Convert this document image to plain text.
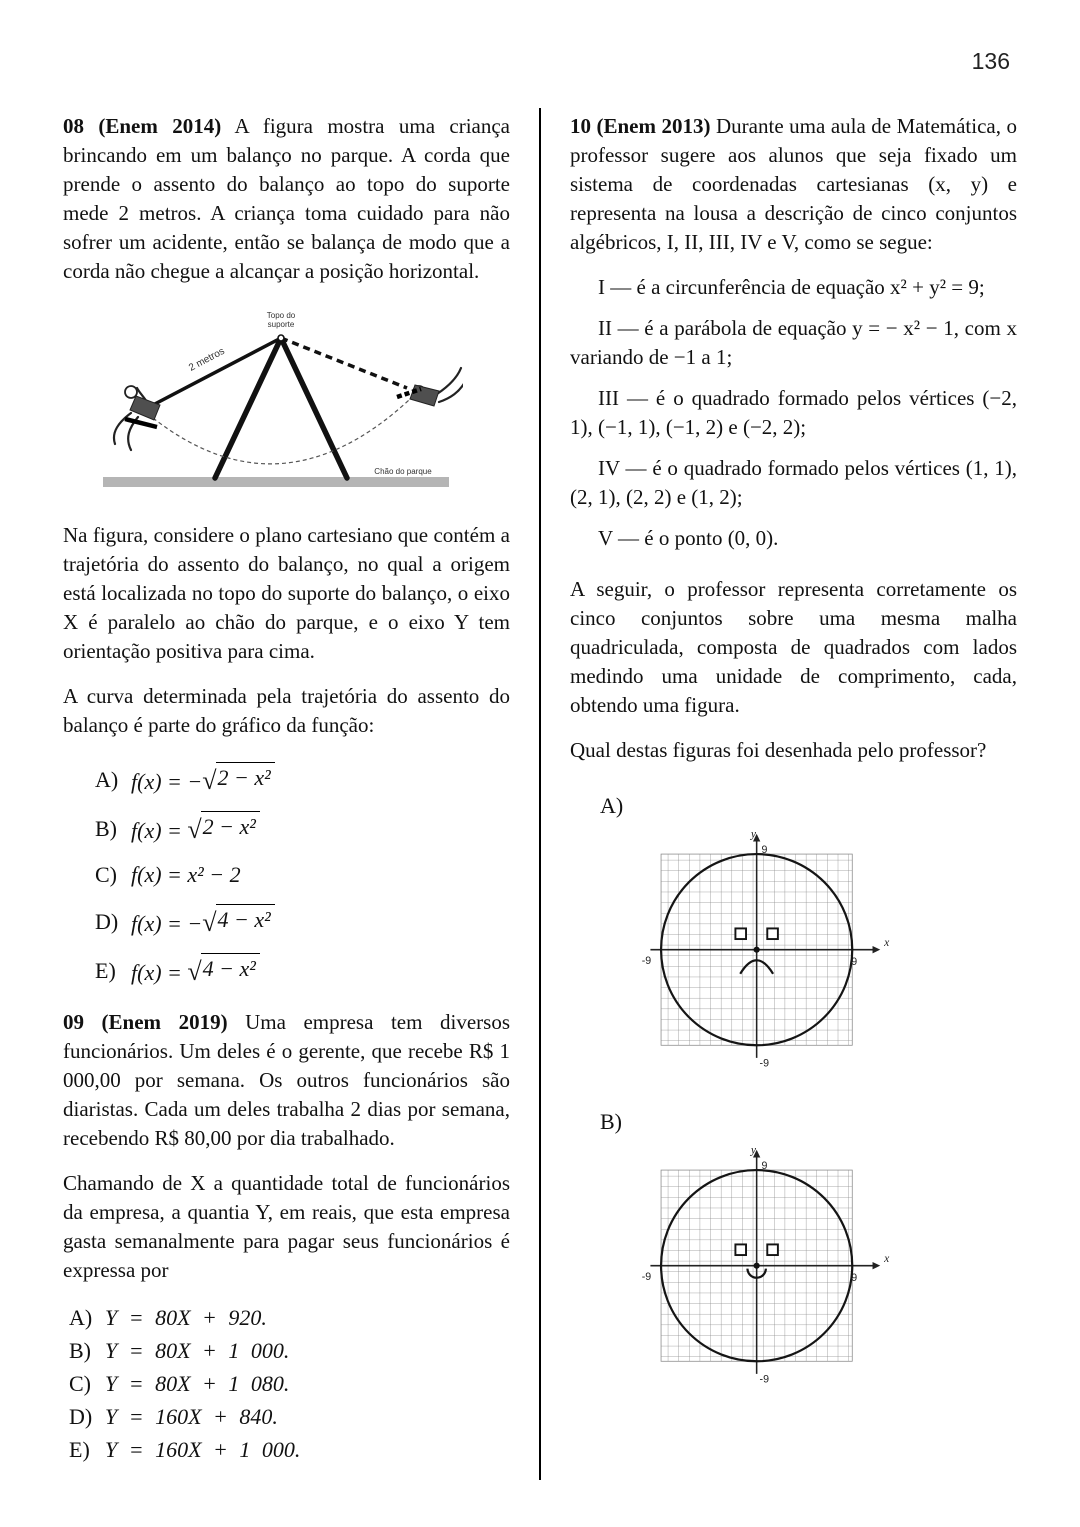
136

08 (Enem 2014) A figura mostra uma criança brincando em um balanço no parque. A corda que prende o assento do balanço ao topo do suporte mede 2 metros. A criança toma cuidado para não sofrer um acidente, então se balança de modo que a corda não chegue a alcançar a posição horizontal.

Chão do parque
Topo do
suporte
2 metros

Na figura, considere o plano cartesiano que contém a trajetória do assento do balanço, no qual a origem está localizada no topo do suporte do balanço, o eixo X é paralelo ao chão do parque, e o eixo Y tem orientação positiva para cima.

A curva determinada pela trajetória do assento do balanço é parte do gráfico da função:

A) f(x) = − √ 2 − x²
B) f(x) = √ 2 − x²
C) f(x) = x² − 2
D) f(x) = − √ 4 − x²
E) f(x) = √ 4 − x²

09 (Enem 2019) Uma empresa tem diversos funcionários. Um deles é o gerente, que recebe R$ 1 000,00 por semana. Os outros funcionários são diaristas. Cada um deles trabalha 2 dias por semana, recebendo R$ 80,00 por dia trabalhado.

Chamando de X a quantidade total de funcionários da empresa, a quantia Y, em reais, que esta empresa gasta semanalmente para pagar seus funcionários é expressa por

A) Y = 80X + 920.
B) Y = 80X + 1 000.
C) Y = 80X + 1 080.
D) Y = 160X + 840.
E) Y = 160X + 1 000.

10 (Enem 2013) Durante uma aula de Matemática, o professor sugere aos alunos que seja fixado um sistema de coordenadas cartesianas (x, y) e representa na lousa a descrição de cinco conjuntos algébricos, I, II, III, IV e V, como se segue:

I — é a circunferência de equação x² + y² = 9;

II — é a parábola de equação y = − x² − 1, com x variando de −1 a 1;

III — é o quadrado formado pelos vértices (−2, 1), (−1, 1), (−1, 2) e (−2, 2);

IV — é o quadrado formado pelos vértices (1, 1), (2, 1), (2, 2) e (1, 2);

V — é o ponto (0, 0).

A seguir, o professor representa corretamente os cinco conjuntos sobre uma mesma malha quadriculada, composta de quadrados com lados medindo uma unidade de comprimento, cada, obtendo uma figura.

Qual destas figuras foi desenhada pelo professor?

A)
y
x
9
-9
-9	9
B)
y
x
9
-9
-9	9
